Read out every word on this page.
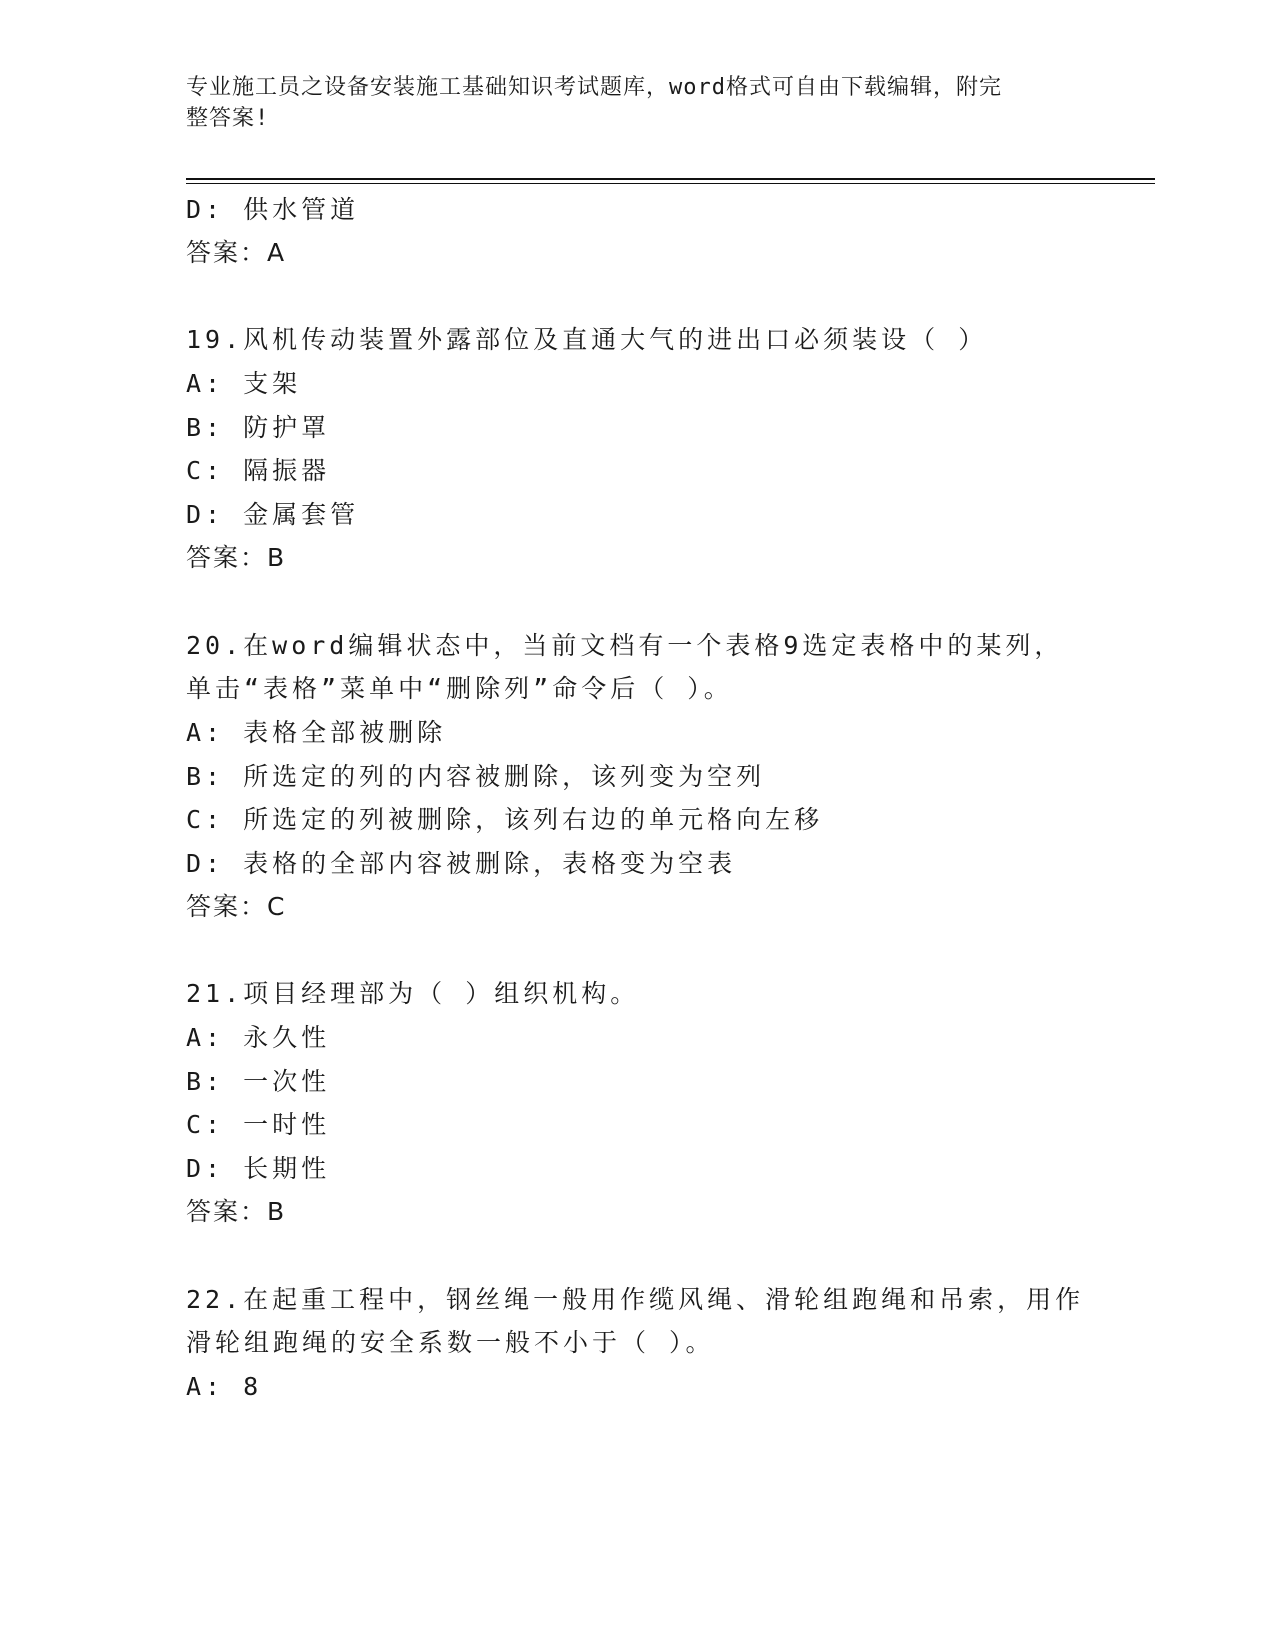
专业施工员之设备安装施工基础知识考试题库，word格式可自由下载编辑，附完
整答案!
D: 供水管道
答案：A
19.风机传动装置外露部位及直通大气的进出口必须装设（ ）
A: 支架
B: 防护罩
C: 隔振器
D: 金属套管
答案：B
20.在word编辑状态中，当前文档有一个表格9选定表格中的某列，
单击“表格”菜单中“删除列”命令后（ ）。
A: 表格全部被删除
B: 所选定的列的内容被删除，该列变为空列
C: 所选定的列被删除，该列右边的单元格向左移
D: 表格的全部内容被删除，表格变为空表
答案：C
21.项目经理部为（ ）组织机构。
A: 永久性
B: 一次性
C: 一时性
D: 长期性
答案：B
22.在起重工程中，钢丝绳一般用作缆风绳、滑轮组跑绳和吊索，用作
滑轮组跑绳的安全系数一般不小于（ ）。
A: 8
